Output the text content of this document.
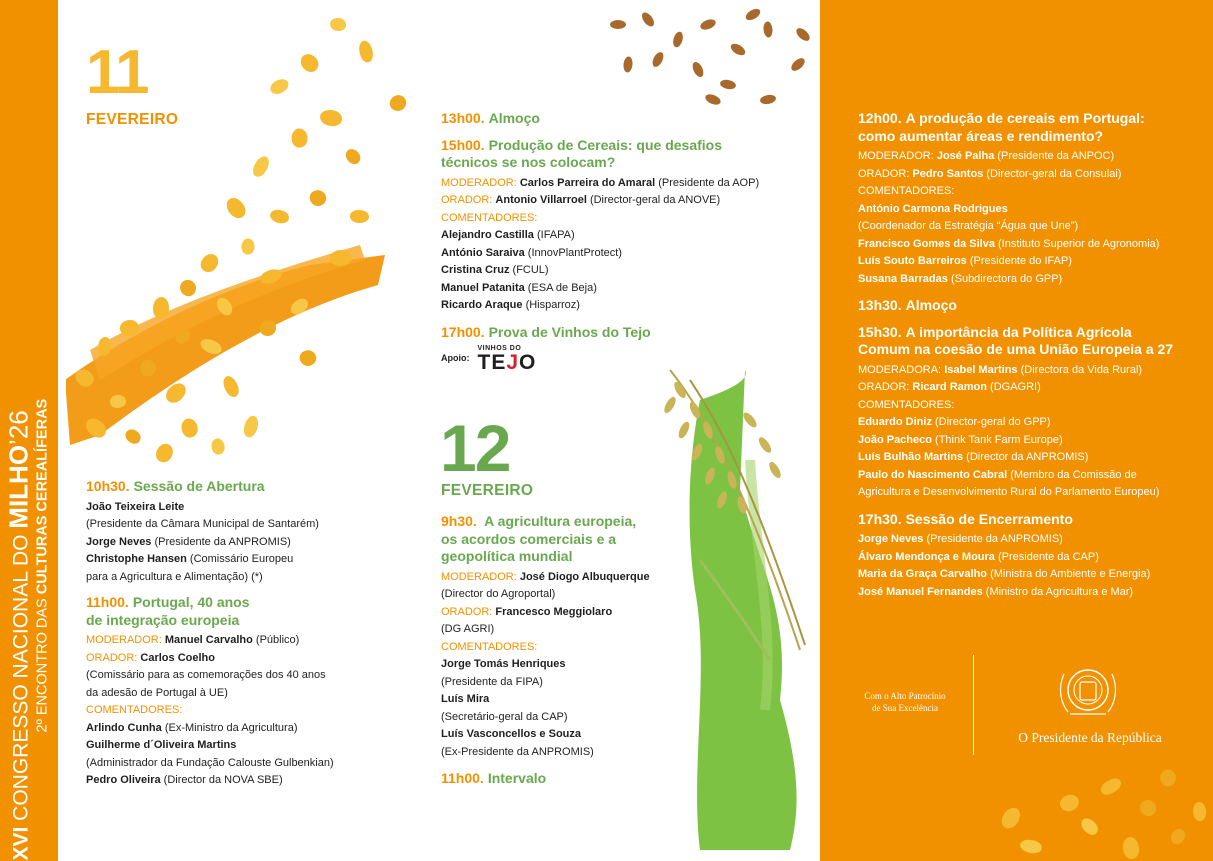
XVI CONGRESSO NACIONAL DO MILHO’26
2º ENCONTRO DAS CULTURAS CEREALÍFERAS
11
FEVEREIRO
10h30. Sessão de Abertura
João Teixeira Leite
(Presidente da Câmara Municipal de Santarém)
Jorge Neves (Presidente da ANPROMIS)
Christophe Hansen (Comissário Europeu
para a Agricultura e Alimentação) (*)
11h00. Portugal, 40 anos
de integração europeia
MODERADOR: Manuel Carvalho (Público)
ORADOR: Carlos Coelho
(Comissário para as comemorações dos 40 anos
da adesão de Portugal à UE)
COMENTADORES:
Arlindo Cunha (Ex-Ministro da Agricultura)
Guilherme d´Oliveira Martins
(Administrador da Fundação Calouste Gulbenkian)
Pedro Oliveira (Director da NOVA SBE)
13h00. Almoço
15h00. Produção de Cereais: que desafios
técnicos se nos colocam?
MODERADOR: Carlos Parreira do Amaral (Presidente da AOP)
ORADOR: Antonio Villarroel (Director-geral da ANOVE)
COMENTADORES:
Alejandro Castilla (IFAPA)
António Saraiva (InnovPlantProtect)
Cristina Cruz (FCUL)
Manuel Patanita (ESA de Beja)
Ricardo Araque (Hisparroz)
17h00. Prova de Vinhos do Tejo
Apoio:
VINHOS DO
TEJO
12
FEVEREIRO
9h30. A agricultura europeia,
os acordos comerciais e a
geopolítica mundial
MODERADOR: José Diogo Albuquerque
(Director do Agroportal)
ORADOR: Francesco Meggiolaro
(DG AGRI)
COMENTADORES:
Jorge Tomás Henriques
(Presidente da FIPA)
Luís Mira
(Secretário-geral da CAP)
Luís Vasconcellos e Souza
(Ex-Presidente da ANPROMIS)
11h00. Intervalo
12h00. A produção de cereais em Portugal:
como aumentar áreas e rendimento?
MODERADOR: José Palha (Presidente da ANPOC)
ORADOR: Pedro Santos (Director-geral da Consulai)
COMENTADORES:
António Carmona Rodrigues
(Coordenador da Estratégia “Água que Une”)
Francisco Gomes da Silva (Instituto Superior de Agronomia)
Luís Souto Barreiros (Presidente do IFAP)
Susana Barradas (Subdirectora do GPP)
13h30. Almoço
15h30. A importância da Política Agrícola
Comum na coesão de uma União Europeia a 27
MODERADORA: Isabel Martins (Directora da Vida Rural)
ORADOR: Ricard Ramon (DGAGRI)
COMENTADORES:
Eduardo Diniz (Director-geral do GPP)
João Pacheco (Think Tank Farm Europe)
Luís Bulhão Martins (Director da ANPROMIS)
Paulo do Nascimento Cabral (Membro da Comissão de
Agricultura e Desenvolvimento Rural do Parlamento Europeu)
17h30. Sessão de Encerramento
Jorge Neves (Presidente da ANPROMIS)
Álvaro Mendonça e Moura (Presidente da CAP)
Maria da Graça Carvalho (Ministra do Ambiente e Energia)
José Manuel Fernandes (Ministro da Agricultura e Mar)
Com o Alto Patrocínio
de Sua Excelência
O Presidente da República
